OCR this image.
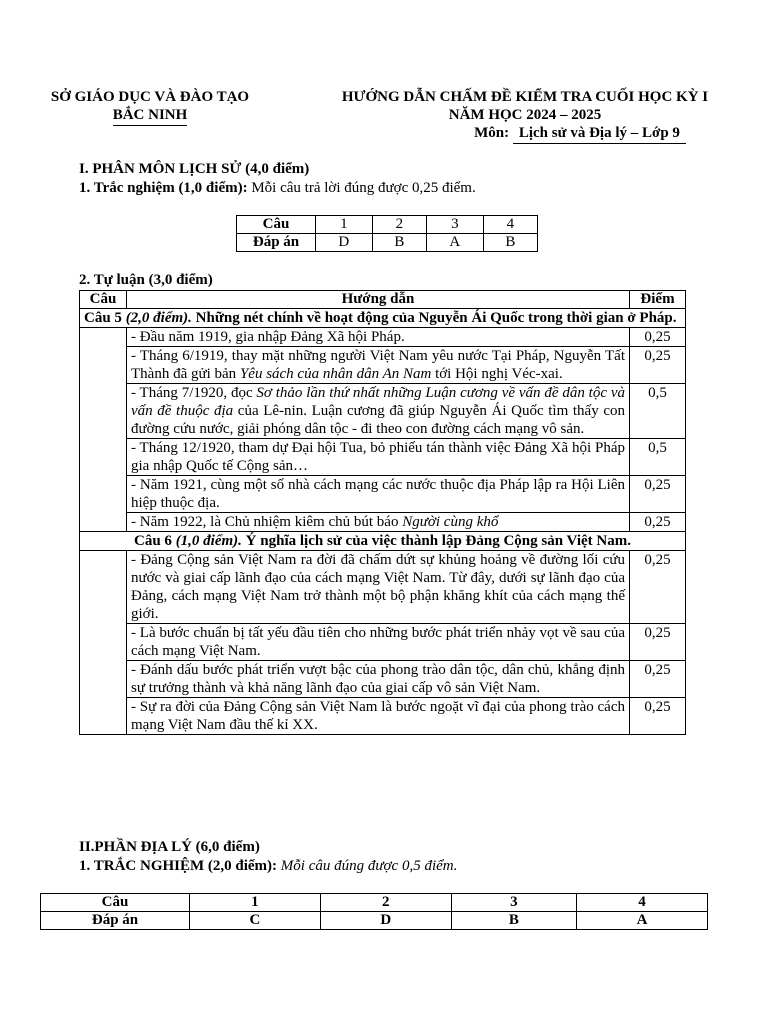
SỞ GIÁO DỤC VÀ ĐÀO TẠO
BẮC NINH
HƯỚNG DẪN CHẤM ĐỀ KIỂM TRA CUỐI HỌC KỲ I
NĂM HỌC 2024 – 2025
Môn: Lịch sử và Địa lý – Lớp 9
I. PHÂN MÔN LỊCH SỬ (4,0 điểm)
1. Trắc nghiệm (1,0 điểm): Mỗi câu trả lời đúng được 0,25 điểm.
Câu	1	2	3	4
Đáp án	D	B	A	B
2. Tự luận (3,0 điểm)
Câu	Hướng dẫn	Điểm
Câu 5 (2,0 điểm). Những nét chính về hoạt động của Nguyễn Ái Quốc trong thời gian ở Pháp.		
	- Đầu năm 1919, gia nhập Đảng Xã hội Pháp.	0,25
	- Tháng 6/1919, thay mặt những người Việt Nam yêu nước Tại Pháp, Nguyễn Tất Thành đã gửi bản Yêu sách của nhân dân An Nam tới Hội nghị Véc-xai.	0,25
	- Tháng 7/1920, đọc Sơ thảo lần thứ nhất những Luận cương về vấn đề dân tộc và vấn đề thuộc địa của Lê-nin. Luận cương đã giúp Nguyễn Ái Quốc tìm thấy con đường cứu nước, giải phóng dân tộc - đi theo con đường cách mạng vô sản.	0,5
	- Tháng 12/1920, tham dự Đại hội Tua, bỏ phiếu tán thành việc Đảng Xã hội Pháp gia nhập Quốc tế Cộng sản…	0,5
	- Năm 1921, cùng một số nhà cách mạng các nước thuộc địa Pháp lập ra Hội Liên hiệp thuộc địa.	0,25
	- Năm 1922, là Chủ nhiệm kiêm chủ bút báo Người cùng khổ	0,25
Câu 6 (1,0 điểm). Ý nghĩa lịch sử của việc thành lập Đảng Cộng sản Việt Nam.		
	- Đảng Cộng sản Việt Nam ra đời đã chấm dứt sự khủng hoảng về đường lối cứu nước và giai cấp lãnh đạo của cách mạng Việt Nam. Từ đây, dưới sự lãnh đạo của Đảng, cách mạng Việt Nam trở thành một bộ phận khăng khít của cách mạng thế giới.	0,25
	- Là bước chuẩn bị tất yếu đầu tiên cho những bước phát triển nhảy vọt về sau của cách mạng Việt Nam.	0,25
	- Đánh dấu bước phát triển vượt bậc của phong trào dân tộc, dân chủ, khẳng định sự trưởng thành và khả năng lãnh đạo của giai cấp vô sản Việt Nam.	0,25
	- Sự ra đời của Đảng Cộng sản Việt Nam là bước ngoặt vĩ đại của phong trào cách mạng Việt Nam đầu thế kỉ XX.	0,25
II.PHẦN ĐỊA LÝ (6,0 điểm)
1. TRẮC NGHIỆM (2,0 điểm): Mỗi câu đúng được 0,5 điểm.
Câu	1	2	3	4
Đáp án	C	D	B	A
